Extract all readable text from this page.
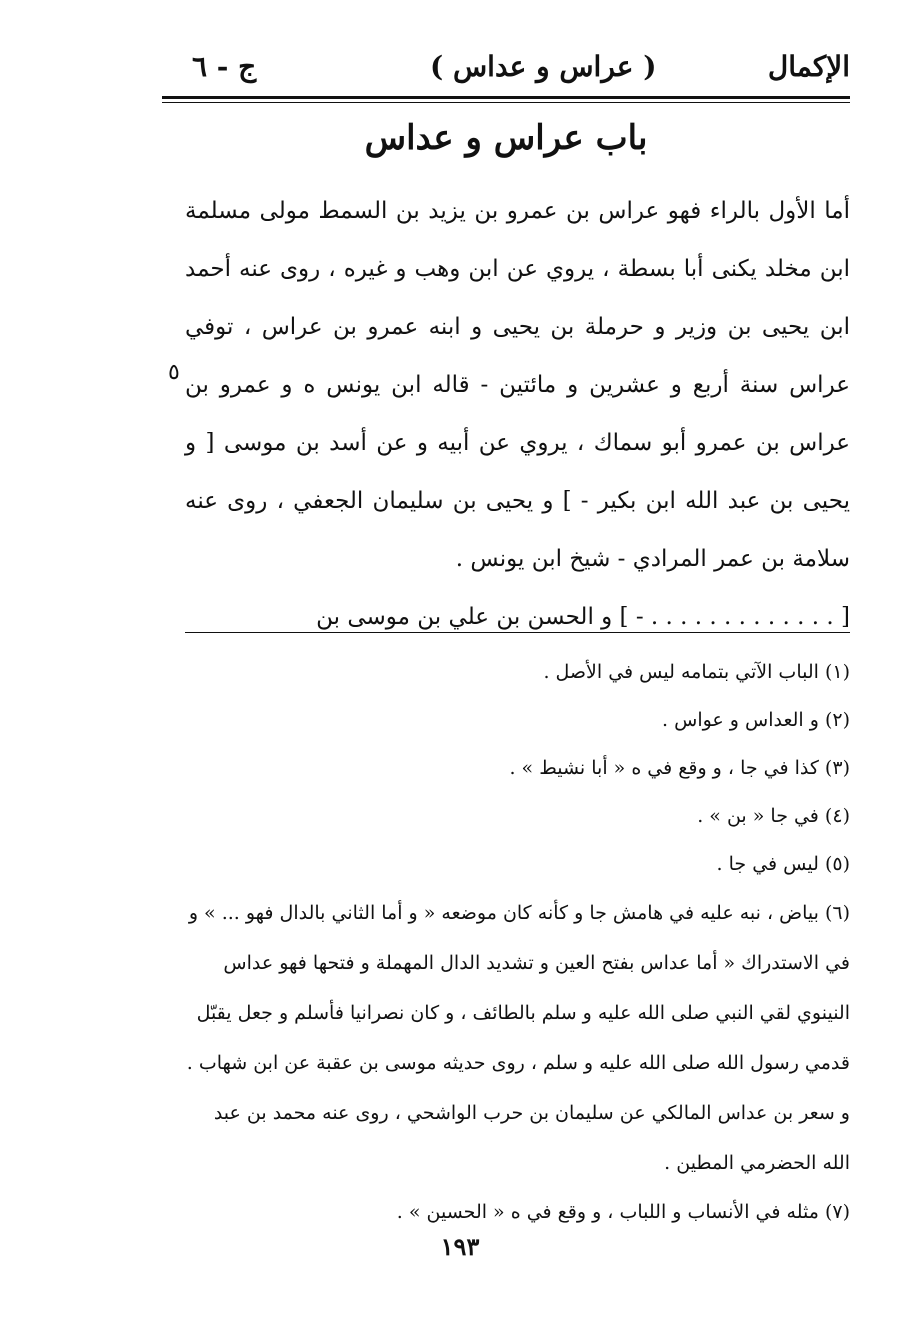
الإكمال
( عراس و عداس )
ج - ٦
باب عراس و عداس

أما الأول بالراء فهو عراس بن عمرو بن يزيد بن السمط مولى مسلمة ابن مخلد يكنى أبا بسطة ، يروي عن ابن وهب و غيره ، روى عنه أحمد ابن يحيى بن وزير و حرملة بن يحيى و ابنه عمرو بن عراس ، توفي عراس سنة أربع و عشرين و مائتين - قاله ابن يونس ه و عمرو بن عراس بن عمرو أبو سماك ، يروي عن أبيه و عن أسد بن موسى [ و يحيى بن عبد الله ابن بكير - ] و يحيى بن سليمان الجعفي ، روى عنه سلامة بن عمر المرادي - شيخ ابن يونس .

[ . . . . . . . . . . . . . - ] و الحسن بن علي بن موسى بن

٥

(١) الباب الآتي بتمامه ليس في الأصل .

(٢) و العداس و عواس .

(٣) كذا في جا ، و وقع في ه « أبا نشيط » .

(٤) في جا « بن » .

(٥) ليس في جا .

(٦) بياض ، نبه عليه في هامش جا و كأنه كان موضعه « و أما الثاني بالدال فهو ... » و في الاستدراك « أما عداس بفتح العين و تشديد الدال المهملة و فتحها فهو عداس النينوي لقي النبي صلى الله عليه و سلم بالطائف ، و كان نصرانيا فأسلم و جعل يقبّل قدمي رسول الله صلى الله عليه و سلم ، روى حديثه موسى بن عقبة عن ابن شهاب . و سعر بن عداس المالكي عن سليمان بن حرب الواشحي ، روى عنه محمد بن عبد الله الحضرمي المطين .

(٧) مثله في الأنساب و اللباب ، و وقع في ه « الحسين » .

١٩٣
